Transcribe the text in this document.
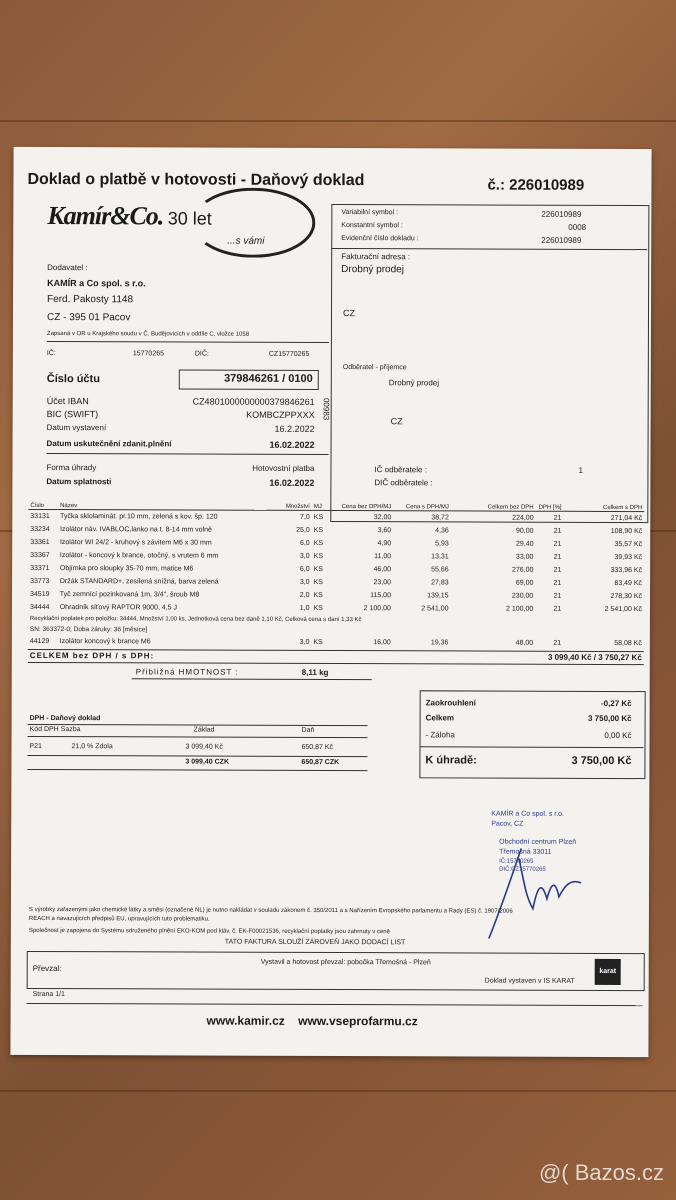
Doklad o platbě v hotovosti - Daňový doklad	č.: 226010989
Kamír&Co. 30 let
...s vámi
Variabilní symbol :	226010989
Konstantní symbol :	0008
Evidenční číslo dokladu :	226010989
Fakturační adresa :
Drobný prodej
CZ
Odběratel - příjemce
Drobný prodej
CZ
00983
IČ odběratele :	1
DIČ odběratele :
Dodavatel :
KAMÍR a Co spol. s r.o.
Ferd. Pakosty 1148
CZ - 395 01 Pacov
Zapsaná v OR u Krajského soudu v Č. Budějovicích v oddíle C, vložce 1058
IČ:	15770265	DIČ:	CZ15770265
Číslo účtu	379846261 / 0100
Účet IBAN	CZ4801000000000379846261
BIC (SWIFT)	KOMBCZPPXXX
Datum vystavení	16.2.2022
Datum uskutečnění zdanit.plnění	16.02.2022
Forma úhrady	Hotovostní platba
Datum splatnosti	16.02.2022
Číslo	Název	Množství	MJ	Cena bez DPH/MJ	Cena s DPH/MJ	Celkem bez DPH	DPH [%]	Celkem s DPH
33131	Tyčka sklolaminát. pr.10 mm, zelená s kov. šp. 120	7,0	KS	32,00	38,72	224,00	21	271,04 Kč
33234	Izolátor náv. IVABLOC,lanko na t. 8-14 mm volně	25,0	KS	3,60	4,36	90,00	21	108,90 Kč
33361	Izolátor WI 24/2 - kruhový s závitem M6 x 30 mm	6,0	KS	4,90	5,93	29,40	21	35,57 Kč
33367	Izolátor - koncový k brance, otočný, s vrutem 6 mm	3,0	KS	11,00	13,31	33,00	21	39,93 Kč
33371	Objímka pro sloupky 35-70 mm, matice M6	6,0	KS	46,00	55,66	276,00	21	333,96 Kč
33773	Držák STANDARD+, zesílená snížná, barva zelená	3,0	KS	23,00	27,83	69,00	21	83,49 Kč
34519	Tyč zemnící pozinkovaná 1m, 3/4", šroub M8	2,0	KS	115,00	139,15	230,00	21	278,30 Kč
34444	Ohradník síťový RAPTOR 9000, 4,5 J	1,0	KS	2 100,00	2 541,00	2 100,00	21	2 541,00 Kč
Recyklační poplatek pro položku: 34444, Množství 1,00 ks, Jednotková cena bez daně 1,10 Kč, Celková cena s daní 1,33 Kč								
SN: 363372-0; Doba záruky: 36 [měsíce]								
44129	Izolátor koncový k brance M6	3,0	KS	16,00	19,36	48,00	21	58,08 Kč
CELKEM bez DPH / s DPH:	3 099,40 Kč / 3 750,27 Kč
Přibližná HMOTNOST :	8,11 kg
Zaokrouhlení	-0,27 Kč
Celkem	3 750,00 Kč
- Záloha	0,00 Kč
K úhradě:	3 750,00 Kč
DPH - Daňový doklad
Kód DPH Sazba	Základ	Daň
P21	21,0 % Zdola	3 099,40 Kč	650,87 Kč
3 099,40 CZK	650,87 CZK
KAMÍR a Co spol. s r.o.
Pacov, CZ
Obchodní centrum Plzeň
Třemošná 33011
IČ:15770265
DIČ:CZ15770265
S výrobky zařazenými jako chemické látky a směsi (označené NL) je nutno nakládat v souladu zákonem č. 350/2011 a s Nařízením Evropského parlamentu a Rady (ES) č. 1907/2006
REACH a navazujících předpisů EU, upravujících tuto problematiku.
Společnost je zapojena do Systému sdruženého plnění EKO-KOM pod kláv. č. EK-F00021536, recyklační poplatky jsou zahrnuty v ceně
TATO FAKTURA SLOUŽÍ ZÁROVEŇ JAKO DODACÍ LIST
Převzal:
Vystavil a hotovost převzal: pobočka Třemošná - Plzeň
Doklad vystaven v IS KARAT
karat
Strana 1/1
www.kamir.cz    www.vseprofarmu.cz
@( Bazos.cz
